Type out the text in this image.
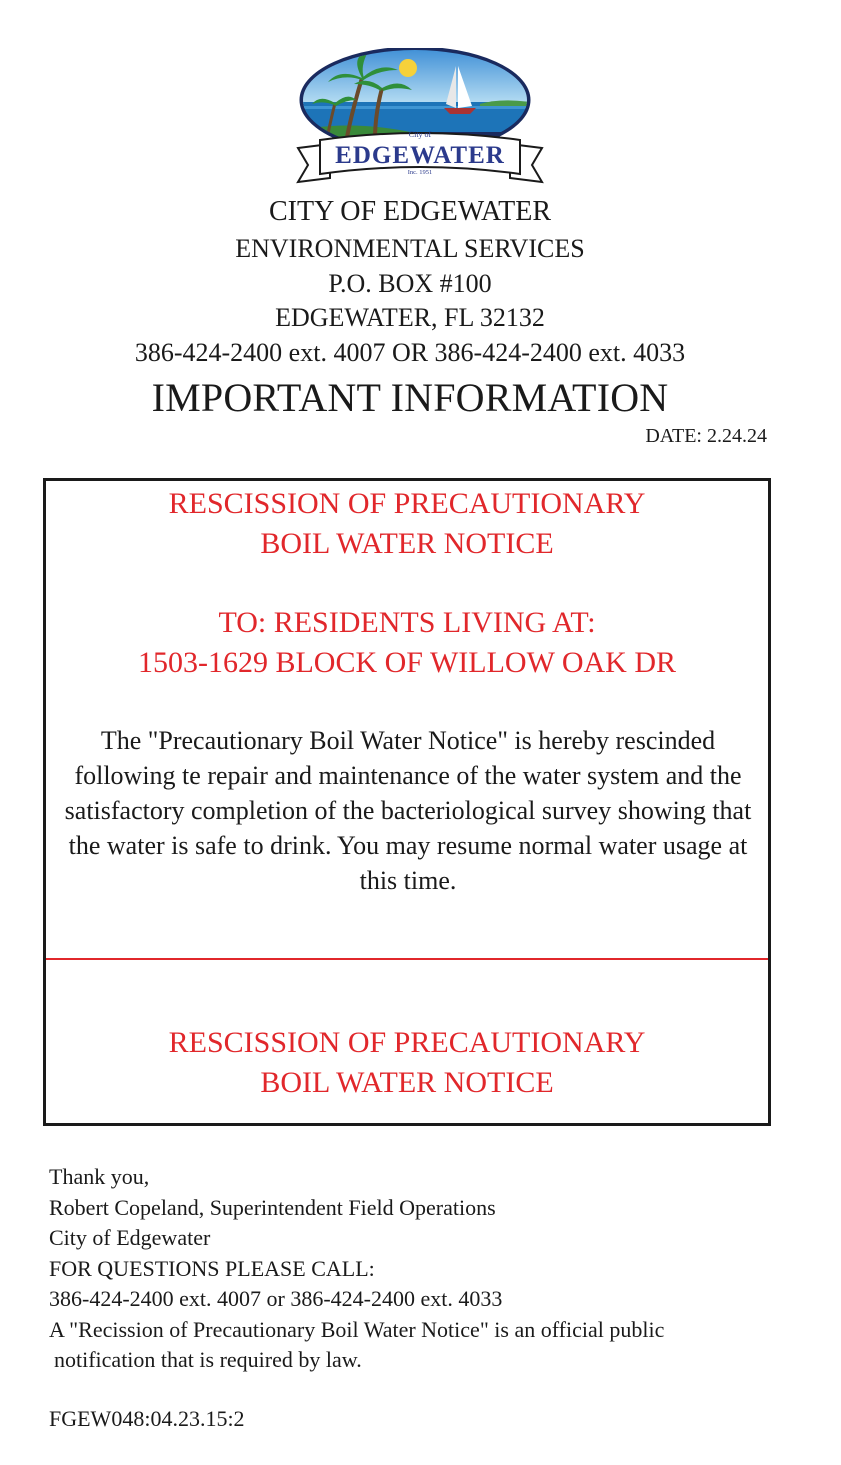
City of
EDGEWATER
Inc. 1951
CITY OF EDGEWATER
ENVIRONMENTAL SERVICES
P.O. BOX #100
EDGEWATER, FL 32132
386-424-2400 ext. 4007 OR 386-424-2400 ext. 4033
IMPORTANT INFORMATION
DATE: 2.24.24
RESCISSION OF PRECAUTIONARY
BOIL WATER NOTICE
TO: RESIDENTS LIVING AT:
1503-1629 BLOCK OF WILLOW OAK DR
The "Precautionary Boil Water Notice" is hereby rescinded following te repair and maintenance of the water system and the satisfactory completion of the bacteriological survey showing that the water is safe to drink. You may resume normal water usage at this time.
RESCISSION OF PRECAUTIONARY
BOIL WATER NOTICE
Thank you,
Robert Copeland, Superintendent Field Operations
City of Edgewater
FOR QUESTIONS PLEASE CALL:
386-424-2400 ext. 4007 or 386-424-2400 ext. 4033
A "Recission of Precautionary Boil Water Notice" is an official public
notification that is required by law.
FGEW048:04.23.15:2
